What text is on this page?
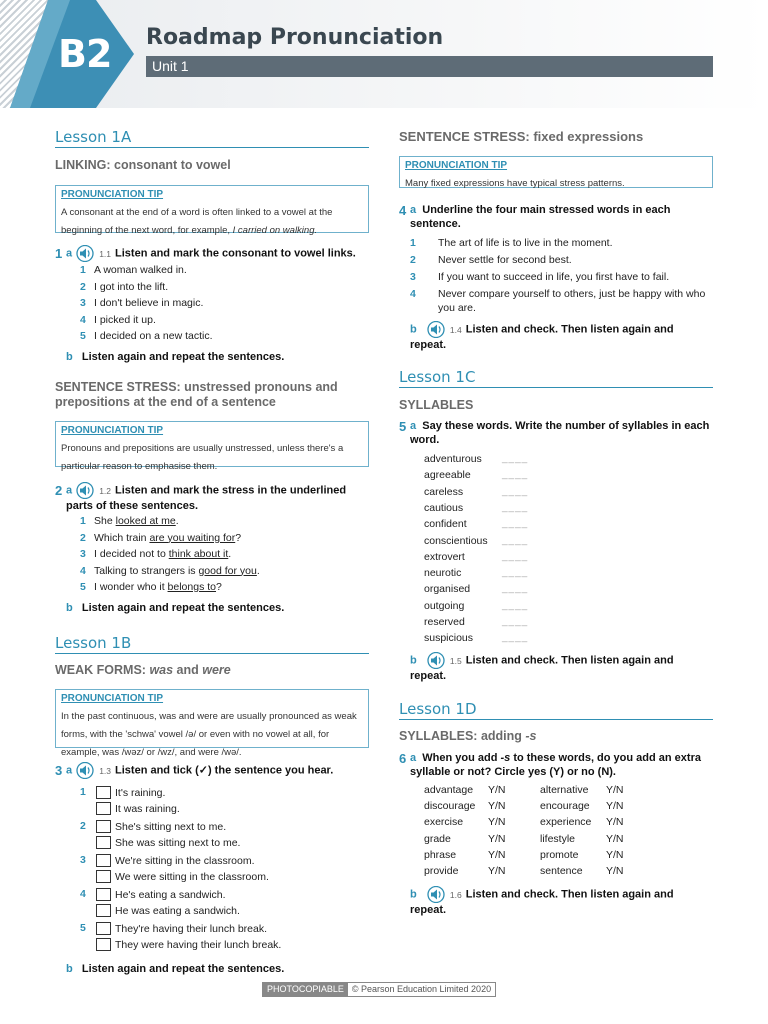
B2 Roadmap Pronunciation
Unit 1
Lesson 1A
LINKING: consonant to vowel
PRONUNCIATION TIP
A consonant at the end of a word is often linked to a vowel at the beginning of the next word, for example, I carried on walking.
1 a	1.1 Listen and mark the consonant to vowel links.
b Listen again and repeat the sentences.
SENTENCE STRESS: unstressed pronouns and prepositions at the end of a sentence
PRONUNCIATION TIP
Pronouns and prepositions are usually unstressed, unless there's a particular reason to emphasise them.
2 a	1.2 Listen and mark the stress in the underlined parts of these sentences.
b Listen again and repeat the sentences.
Lesson 1B
WEAK FORMS: was and were
PRONUNCIATION TIP
In the past continuous, was and were are usually pronounced as weak forms, with the 'schwa' vowel /ə/ or even with no vowel at all, for example, was /wəz/ or /wz/, and were /wə/.
3 a	1.3 Listen and tick (✓) the sentence you hear.
b Listen again and repeat the sentences.
SENTENCE STRESS: fixed expressions
PRONUNCIATION TIP
Many fixed expressions have typical stress patterns.
4 a Underline the four main stressed words in each sentence.
b	1.4 Listen and check. Then listen again and repeat.
Lesson 1C
SYLLABLES
5 a Say these words. Write the number of syllables in each word.
b	1.5 Listen and check. Then listen again and repeat.
Lesson 1D
SYLLABLES: adding -s
6 a When you add -s to these words, do you add an extra syllable or not? Circle yes (Y) or no (N).
b	1.6 Listen and check. Then listen again and repeat.
PHOTOCOPIABLE © Pearson Education Limited 2020
1 A woman walked in.
2 I got into the lift.
3 I don't believe in magic.
4 I picked it up.
5 I decided on a new tactic.
1 She looked at me.
2 Which train are you waiting for?
3 I decided not to think about it.
4 Talking to strangers is good for you.
5 I wonder who it belongs to?
1	It's raining.
It was raining.
2	She's sitting next to me.
She was sitting next to me.
3	We're sitting in the classroom.
We were sitting in the classroom.
4	He's eating a sandwich.
He was eating a sandwich.
5	They're having their lunch break.
They were having their lunch break.
1 The art of life is to live in the moment.
2 Never settle for second best.
3 If you want to succeed in life, you first have to fail.
4 Never compare yourself to others, just be happy with who you are.
adventurous ____
agreeable	____
careless	____
cautious	____
confident	____
conscientious ____
extrovert	____
neurotic	____
organised	____
outgoing	____
reserved	____
suspicious	____
advantage Y/N	alternative Y/N
discourage Y/N	encourage Y/N
exercise Y/N	experience Y/N
grade	Y/N	lifestyle	Y/N
phrase	Y/N	promote	Y/N
provide	Y/N	sentence Y/N
